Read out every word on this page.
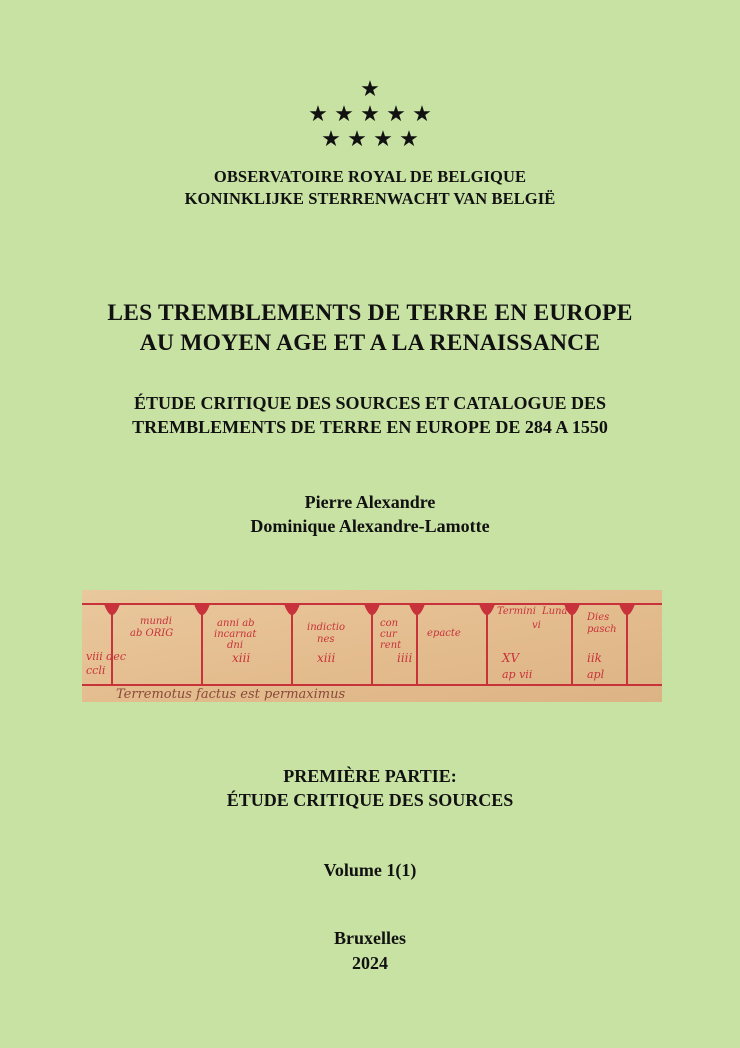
★
★ ★ ★ ★ ★
★ ★ ★ ★
OBSERVATOIRE ROYAL DE BELGIQUE
KONINKLIJKE STERRENWACHT VAN BELGIË
LES TREMBLEMENTS DE TERRE EN EUROPE
AU MOYEN AGE ET A LA RENAISSANCE
ÉTUDE CRITIQUE DES SOURCES ET CATALOGUE DES
TREMBLEMENTS DE TERRE EN EUROPE DE 284 A 1550
Pierre Alexandre
Dominique Alexandre-Lamotte
mundi
ab ORIG
anni ab
incarnat
dni
indictio
nes
con
cur
rent
epacte
xiii	iiii
Dies
pasch
Termini Luna
vi
ap vii
XV	iik
apl
viii dec
ccli
xiii
Terremotus factus est permaximus
PREMIÈRE PARTIE:
ÉTUDE CRITIQUE DES SOURCES
Volume 1(1)
Bruxelles
2024
